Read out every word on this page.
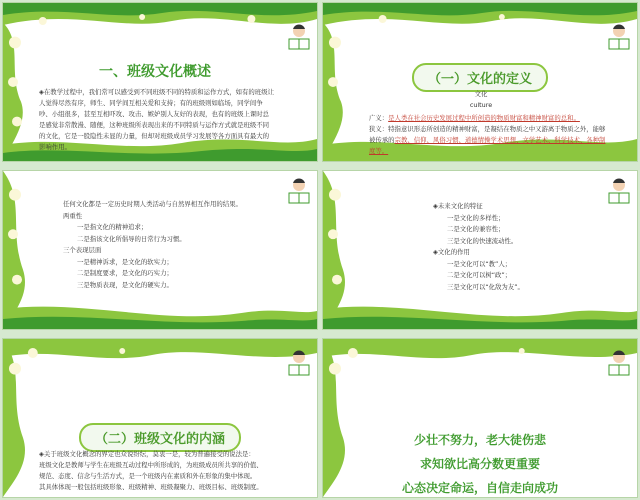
一、班级文化概述
◈在教学过程中，我们常可以感受到不同班级不同的特质和运作方式，如有的班级让人觉得尽然有序，师生、同学间互相关爱和支持；有的班级则如临场，同学间争吵、小组很多，甚至互相吓攻、攻击、嫉妒别人友好的表现，也有的班级上课时总是感觉非常散漫、随便，这种班级所表现出来的不同特质与运作方式就是班级不同的文化，它是一股隐性未显的力量，但却对班级成员学习发展等各方面具有最大的影响作用。
（一）文化的定义
文化
culture
广义：是人类在社会历史发展过程中所创造的物质财富和精神财富的总和。
狭义：特指意识形态所创造的精神财富，是凝结在物质之中又游离于物质之外，能够被传承的宗教、信仰、风俗习惯、道德情操学术思想、文学艺术、科学技术、各种制度等。
任何文化都是一定历史时期人类活动与自然界相互作用的结果。
两重性
一是指文化的精神追求；
二是指该文化所倡导的日常行为习惯。
三个表现层面
一是精神诉求，是文化的软实力；
二是制度要求，是文化的巧实力；
三是物质表现，是文化的硬实力。
◈未来文化的特征
一是文化的多样性；
二是文化的兼容性；
三是文化的快速流动性。
◈文化的作用
一是文化可以“教”人；
二是文化可以树“政”；
三是文化可以“化敌为友”。
（二）班级文化的内涵
◈关于班级文化概念的界定也众说纷纭，莫衷一是，较为普遍接受的说法是：
班级文化是教师与学生在班级互动过程中所形成的，为班级成员所共享的价值、
规范、态度、信念与生活方式，是一个班级内在素质和外在形象的集中体现。
其具体体现一般包括班级形象、班级精神、班级凝聚力、班级目标、班级制度。
少壮不努力，老大徒伤悲
求知欲比高分数更重要
心态决定命运，自信走向成功
